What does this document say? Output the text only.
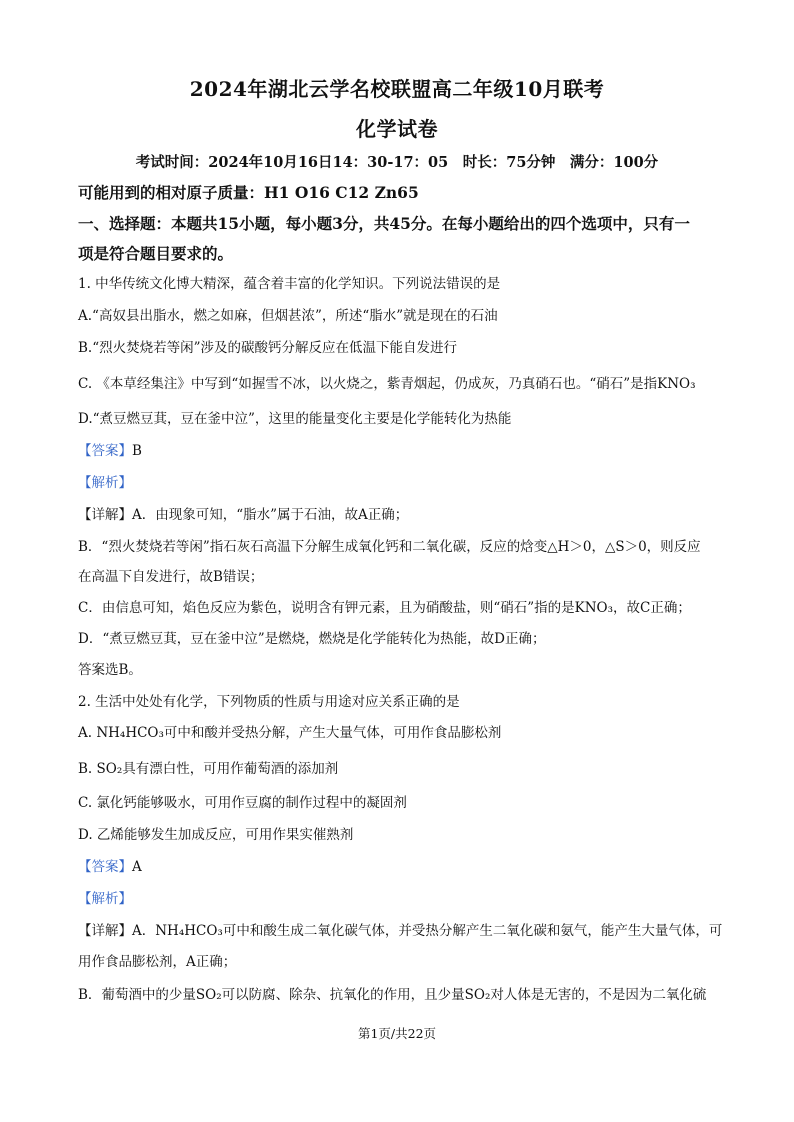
2024年湖北云学名校联盟高二年级10月联考
化学试卷
考试时间：2024年10月16日14：30-17：05　时长：75分钟　满分：100分
可能用到的相对原子质量：H1 O16 C12 Zn65
一、选择题：本题共15小题，每小题3分，共45分。在每小题给出的四个选项中，只有一
项是符合题目要求的。
1. 中华传统文化博大精深，蕴含着丰富的化学知识。下列说法错误的是
A.“高奴县出脂水，燃之如麻，但烟甚浓”，所述“脂水”就是现在的石油
B.“烈火焚烧若等闲”涉及的碳酸钙分解反应在低温下能自发进行
C. 《本草经集注》中写到“如握雪不冰，以火烧之，紫青烟起，仍成灰，乃真硝石也。“硝石”是指KNO₃
D.“煮豆燃豆萁，豆在釜中泣”，这里的能量变化主要是化学能转化为热能
【答案】B
【解析】
【详解】A．由现象可知，“脂水”属于石油，故A正确；
B．“烈火焚烧若等闲”指石灰石高温下分解生成氧化钙和二氧化碳，反应的焓变△H＞0，△S＞0，则反应
在高温下自发进行，故B错误；
C．由信息可知，焰色反应为紫色，说明含有钾元素，且为硝酸盐，则“硝石”指的是KNO₃，故C正确；
D．“煮豆燃豆萁，豆在釜中泣”是燃烧，燃烧是化学能转化为热能，故D正确；
答案选B。
2. 生活中处处有化学，下列物质的性质与用途对应关系正确的是
A. NH₄HCO₃可中和酸并受热分解，产生大量气体，可用作食品膨松剂
B. SO₂具有漂白性，可用作葡萄酒的添加剂
C. 氯化钙能够吸水，可用作豆腐的制作过程中的凝固剂
D. 乙烯能够发生加成反应，可用作果实催熟剂
【答案】A
【解析】
【详解】A．NH₄HCO₃可中和酸生成二氧化碳气体，并受热分解产生二氧化碳和氨气，能产生大量气体，可
用作食品膨松剂，A正确；
B．葡萄酒中的少量SO₂可以防腐、除杂、抗氧化的作用，且少量SO₂对人体是无害的，不是因为二氧化硫
第1页/共22页
